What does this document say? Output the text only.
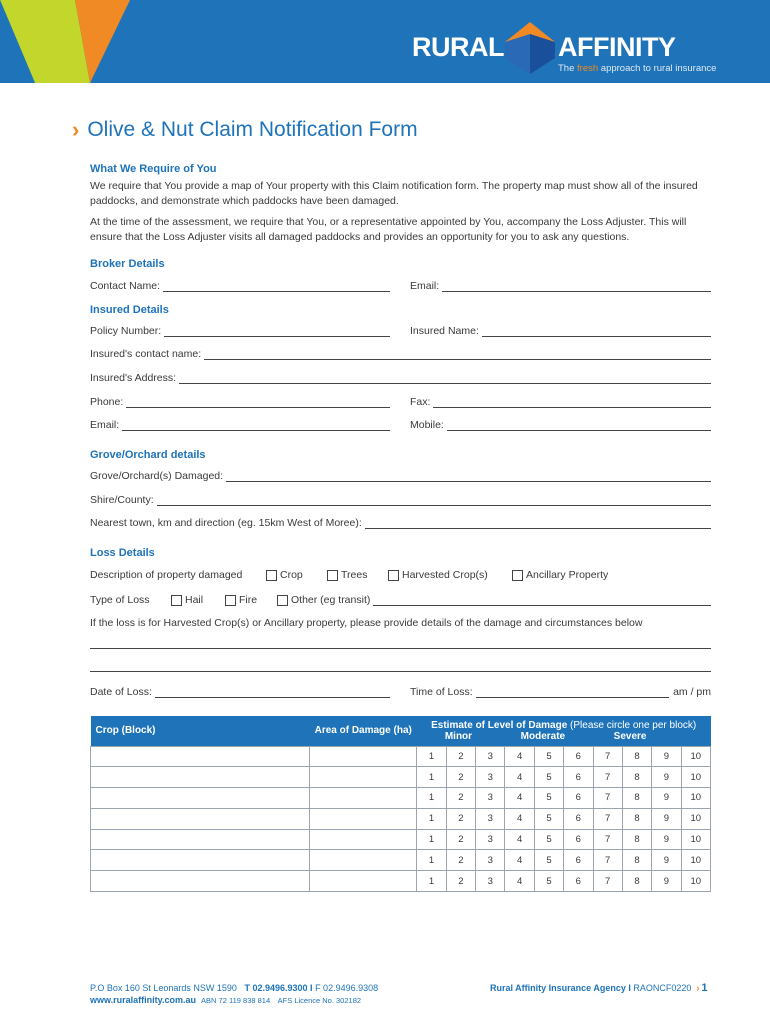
RURAL AFFINITY
The fresh approach to rural insurance
› Olive & Nut Claim Notification Form
What We Require of You

We require that You provide a map of Your property with this Claim notification form. The property map must show all of the insured paddocks, and demonstrate which paddocks have been damaged.

At the time of the assessment, we require that You, or a representative appointed by You, accompany the Loss Adjuster. This will ensure that the Loss Adjuster visits all damaged paddocks and provides an opportunity for you to ask any questions.

Broker Details
Contact Name:	Email:
Insured Details
Policy Number:	Insured Name:
Insured's contact name:
Insured's Address:
Phone:	Fax:
Email:	Mobile:
Grove/Orchard details
Grove/Orchard(s) Damaged:
Shire/County:
Nearest town, km and direction (eg. 15km West of Moree):
Loss Details
Description of property damaged	Crop	Trees	Harvested Crop(s)	Ancillary Property
Type of Loss	Hail	Fire	Other (eg transit)

If the loss is for Harvested Crop(s) or Ancillary property, please provide details of the damage and circumstances below

Date of Loss:	Time of Loss:	am / pm
Crop (Block)	Area of Damage (ha)	Estimate of Level of Damage (Please circle one per block)
Minor Moderate Severe									

		1	2	3	4	5	6	7	8	9	10
		1	2	3	4	5	6	7	8	9	10
		1	2	3	4	5	6	7	8	9	10
		1	2	3	4	5	6	7	8	9	10
		1	2	3	4	5	6	7	8	9	10
		1	2	3	4	5	6	7	8	9	10
		1	2	3	4	5	6	7	8	9	10
P.O Box 160 St Leonards NSW 1590 T 02.9496.9300 I F 02.9496.9308
www.ruralaffinity.com.au ABN 72 119 838 814 AFS Licence No. 302182
Rural Affinity Insurance Agency I RAONCF0220 › 1
